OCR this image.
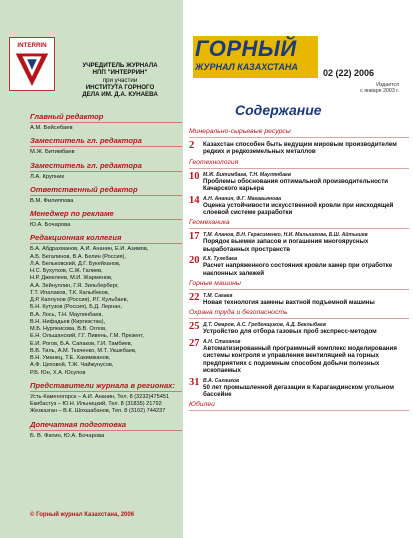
INTERRIN
УЧРЕДИТЕЛЬ ЖУРНАЛА
НПП "ИНТЕРРИН"
при участии
ИНСТИТУТА ГОРНОГО
ДЕЛА ИМ. Д.А. КУНАЕВА
Главный редактор
А.М. Бейсебаев
Заместитель гл. редактора
М.Ж. Битимбаев
Заместитель гл. редактора
Л.А. Крупник
Ответственный редактор
В.М. Филиппова
Менеджер по рекламе
Ю.А. Бочарова
Редакционная коллегия

Б.А. Абдрахманов, А.И. Ананин, Е.И. Азимов,

А.Б. Бегалинов, В.А. Белин (Россия),

Л.А. Бельковский, Д.Г. Букейханов,

Н.С. Бухутков, С.Ж. Галиев,

Н.Р. Джеклеев, М.И. Жарменов,

А.А. Зейнуллин, Г.Я. Зильберберг,

Т.Т. Ипалаков, Т.К. Калыбеков,

Д.Р. Каплунов (Россия), Р.Г. Кульбаев,

Б.Н. Кутузов (Россия), Б.Д. Лернан,

В.А. Лось, Т.Н. Маулянбаев,

В.Н. Нифадьев (Киргизстан),

М.Б. Нурпеисова, В.В. Оглов,

Е.Н. Ольшанский, Г.Г. Пивень, Г.М. Презент,

Е.И. Рогов, Б.А. Сапаков, Г.И. Тамбиев,

В.В. Тиль, А.М. Ткаченко, М.Т. Укшебаев,

В.Н. Уманец, Т.Е. Хакимжанов,

А.Ф. Цеховой, Т.Ж. Чайжунусов,

Р.Б. Юн, Х.А. Юсупов

Представители журнала в регионах:

Усть-Каменогорск – А.И. Ананин, Тел. 8 (3232)475451

Екибастуз – Ю.Н. Ильницкий, Тел. 8 (31835) 21792

Жезказган – В.К. Шохшабанов, Тел. 8 (3102) 744237

Допечатная подготовка
Б. В. Фатин, Ю.А. Бочарова
© Горный журнал Казахстана, 2006
ГОРНЫЙ
ЖУРНАЛ КАЗАХСТАНА
02 (22) 2006
Издается
с января 2003 г.
Содержание
Минерально-сырьевые ресурсы
2	Казахстан способен быть ведущим мировым производителем редких и редкоземельных металлов
Геотехнология
10 М.Ж. Битимбаев, Т.Н. Маулянбаев
Проблемы обоснования оптимальной производительности Качарского карьера
14 А.Н. Ананин, Ф.Г. Магавьянова
Оценка устойчивости искусственной кровли при нисходящей слоевой системе разработки
Геомеханика
17 Т.М. Аланов, В.Н. Герасименко, Н.И. Малышкова, Б.Ш. Айтышев
Порядок выемки запасов и погашения многоярусных выработанных пространств
20 К.К. Тулебаев
Расчет напряженного состояния кровли камер при отработке наклонных залежей
Горные машины
22 Т.М. Сагаев
Новая технология замены вахтной подъемной машины
Охрана труда и безопасность
25 Д.Т. Омаров, А.С. Гребенщиков, А.Д. Беклыбаев
Устройство для отбора газовых проб экспресс-методом
27 А.Н. Стаханов
Автоматизированный программный комплекс моделирования системы контроля и управления вентиляцией на горных предприятиях с подземным способом добычи полезных ископаемых
31 В.А. Сахников
50 лет промышленной дегазации в Карагандинском угольном бассейне
Юбилеи
